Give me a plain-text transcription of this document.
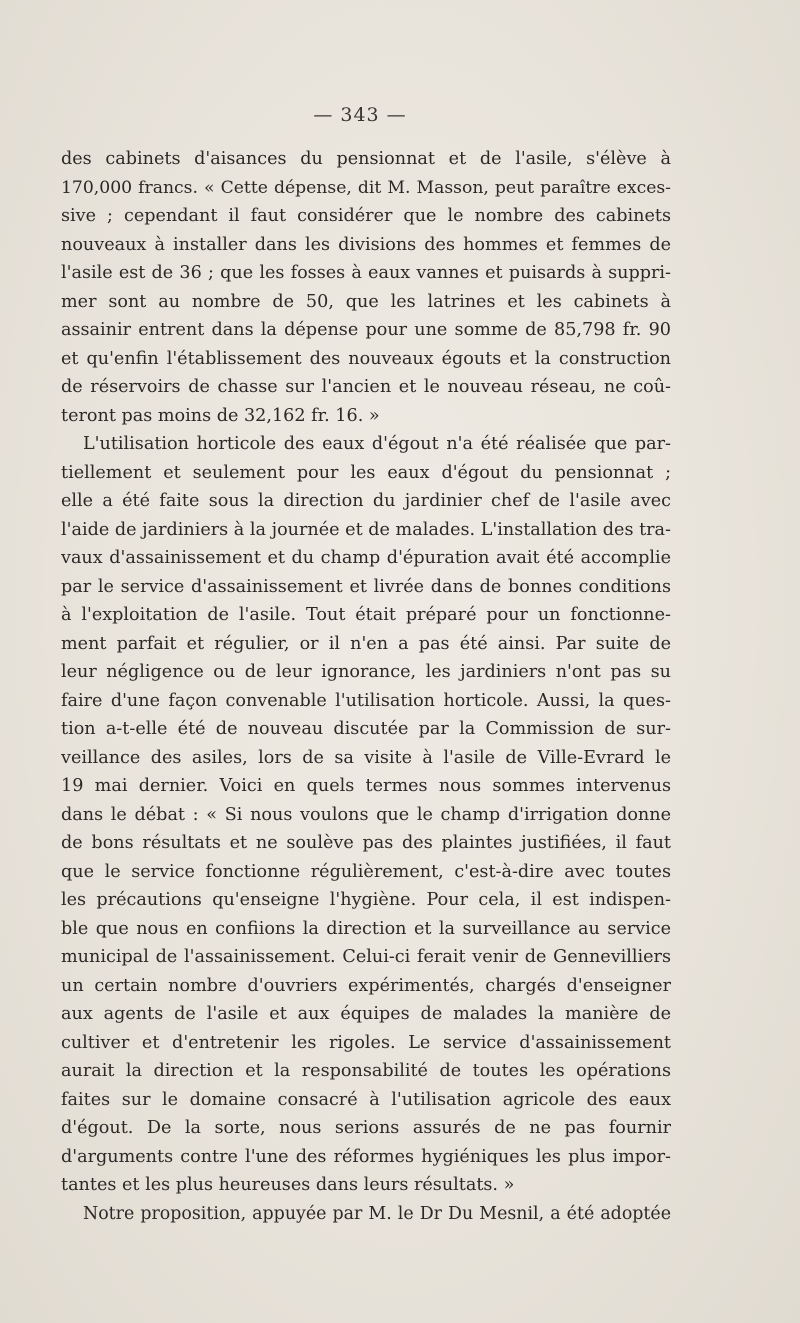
— 343 —
des cabinets d'aisances du pensionnat et de l'asile, s'élève à
170,000 francs. « Cette dépense, dit M. Masson, peut paraître exces-
sive ; cependant il faut considérer que le nombre des cabinets
nouveaux à installer dans les divisions des hommes et femmes de
l'asile est de 36 ; que les fosses à eaux vannes et puisards à suppri-
mer sont au nombre de 50, que les latrines et les cabinets à
assainir entrent dans la dépense pour une somme de 85,798 fr. 90
et qu'enfin l'établissement des nouveaux égouts et la construction
de réservoirs de chasse sur l'ancien et le nouveau réseau, ne coû-
teront pas moins de 32,162 fr. 16. »
L'utilisation horticole des eaux d'égout n'a été réalisée que par-
tiellement et seulement pour les eaux d'égout du pensionnat ;
elle a été faite sous la direction du jardinier chef de l'asile avec
l'aide de jardiniers à la journée et de malades. L'installation des tra-
vaux d'assainissement et du champ d'épuration avait été accomplie
par le service d'assainissement et livrée dans de bonnes conditions
à l'exploitation de l'asile. Tout était préparé pour un fonctionne-
ment parfait et régulier, or il n'en a pas été ainsi. Par suite de
leur négligence ou de leur ignorance, les jardiniers n'ont pas su
faire d'une façon convenable l'utilisation horticole. Aussi, la ques-
tion a-t-elle été de nouveau discutée par la Commission de sur-
veillance des asiles, lors de sa visite à l'asile de Ville-Evrard le
19 mai dernier. Voici en quels termes nous sommes intervenus
dans le débat : « Si nous voulons que le champ d'irrigation donne
de bons résultats et ne soulève pas des plaintes justifiées, il faut
que le service fonctionne régulièrement, c'est-à-dire avec toutes
les précautions qu'enseigne l'hygiène. Pour cela, il est indispen-
ble que nous en confiions la direction et la surveillance au service
municipal de l'assainissement. Celui-ci ferait venir de Gennevilliers
un certain nombre d'ouvriers expérimentés, chargés d'enseigner
aux agents de l'asile et aux équipes de malades la manière de
cultiver et d'entretenir les rigoles. Le service d'assainissement
aurait la direction et la responsabilité de toutes les opérations
faites sur le domaine consacré à l'utilisation agricole des eaux
d'égout. De la sorte, nous serions assurés de ne pas fournir
d'arguments contre l'une des réformes hygiéniques les plus impor-
tantes et les plus heureuses dans leurs résultats. »
Notre proposition, appuyée par M. le Dr Du Mesnil, a été adoptée
